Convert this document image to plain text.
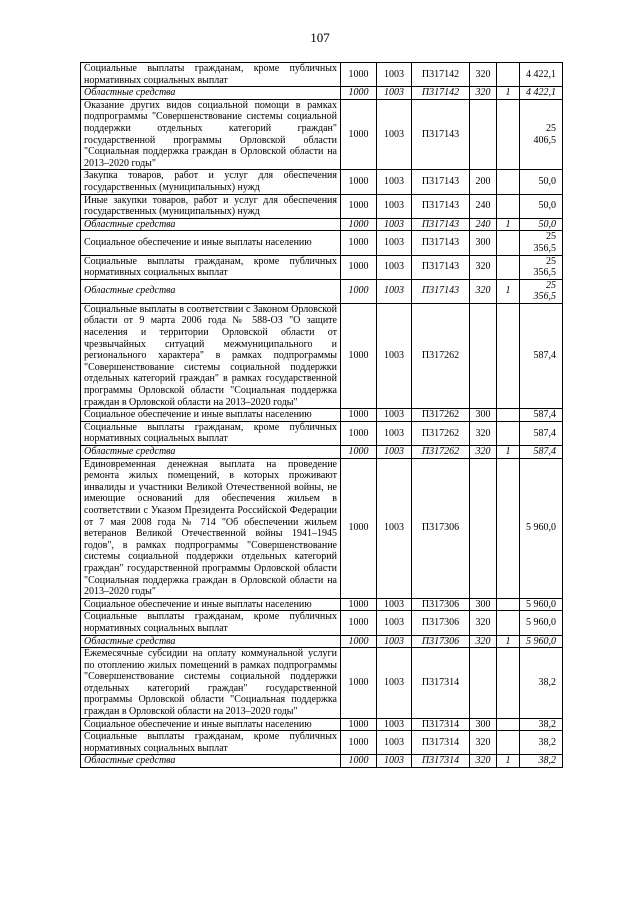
107
Социальные выплаты гражданам, кроме публичных нормативных социальных выплат	1000	1003	П317142	320		4 422,1
Областные средства	1000	1003	П317142	320	1	4 422,1
Оказание других видов социальной помощи в рамках подпрограммы "Совершенствование системы социальной поддержки отдельных категорий граждан" государственной программы Орловской области "Социальная поддержка граждан в Орловской области на 2013–2020 годы"	1000	1003	П317143			25 406,5
Закупка товаров, работ и услуг для обеспечения государственных (муниципальных) нужд	1000	1003	П317143	200		50,0
Иные закупки товаров, работ и услуг для обеспечения государственных (муниципальных) нужд	1000	1003	П317143	240		50,0
Областные средства	1000	1003	П317143	240	1	50,0
Социальное обеспечение и иные выплаты населению	1000	1003	П317143	300		25 356,5
Социальные выплаты гражданам, кроме публичных нормативных социальных выплат	1000	1003	П317143	320		25 356,5
Областные средства	1000	1003	П317143	320	1	25 356,5
Социальные выплаты в соответствии с Законом Орловской области от 9 марта 2006 года № 588-ОЗ "О защите населения и территории Орловской области от чрезвычайных ситуаций межмуниципального и регионального характера" в рамках подпрограммы "Совершенствование системы социальной поддержки отдельных категорий граждан" в рамках государственной программы Орловской области "Социальная поддержка граждан в Орловской области на 2013–2020 годы"	1000	1003	П317262			587,4
Социальное обеспечение и иные выплаты населению	1000	1003	П317262	300		587,4
Социальные выплаты гражданам, кроме публичных нормативных социальных выплат	1000	1003	П317262	320		587,4
Областные средства	1000	1003	П317262	320	1	587,4
Единовременная денежная выплата на проведение ремонта жилых помещений, в которых проживают инвалиды и участники Великой Отечественной войны, не имеющие оснований для обеспечения жильем в соответствии с Указом Президента Российской Федерации от 7 мая 2008 года № 714 "Об обеспечении жильем ветеранов Великой Отечественной войны 1941–1945 годов", в рамках подпрограммы "Совершенствование системы социальной поддержки отдельных категорий граждан" государственной программы Орловской области "Социальная поддержка граждан в Орловской области на 2013–2020 годы"	1000	1003	П317306			5 960,0
Социальное обеспечение и иные выплаты населению	1000	1003	П317306	300		5 960,0
Социальные выплаты гражданам, кроме публичных нормативных социальных выплат	1000	1003	П317306	320		5 960,0
Областные средства	1000	1003	П317306	320	1	5 960,0
Ежемесячные субсидии на оплату коммунальной услуги по отоплению жилых помещений в рамках подпрограммы "Совершенствование системы социальной поддержки отдельных категорий граждан" государственной программы Орловской области "Социальная поддержка граждан в Орловской области на 2013–2020 годы"	1000	1003	П317314			38,2
Социальное обеспечение и иные выплаты населению	1000	1003	П317314	300		38,2
Социальные выплаты гражданам, кроме публичных нормативных социальных выплат	1000	1003	П317314	320		38,2
Областные средства	1000	1003	П317314	320	1	38,2
